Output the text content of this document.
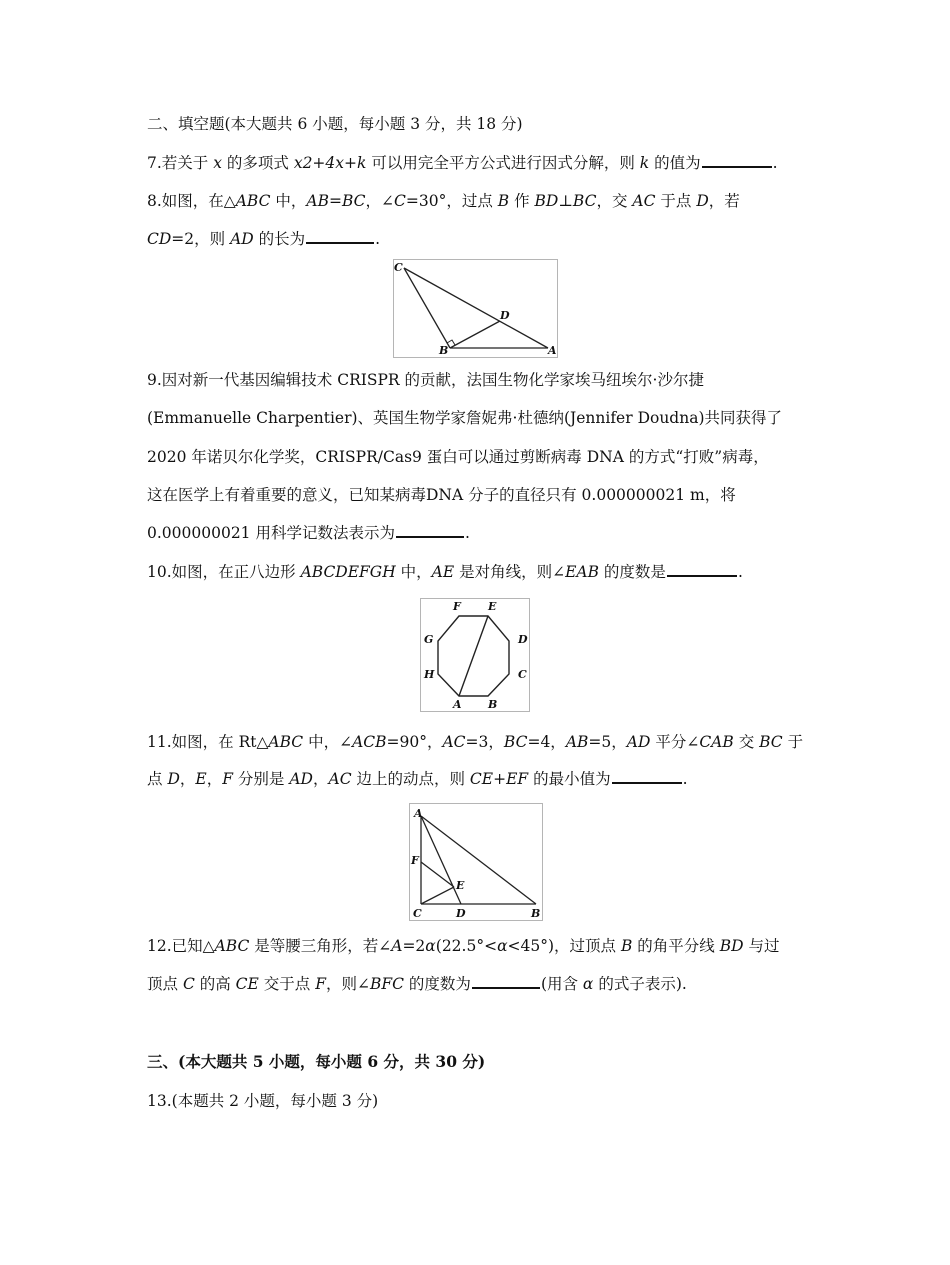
二、填空题(本大题共 6 小题，每小题 3 分，共 18 分)

7.若关于 x 的多项式 x2+4x+k 可以用完全平方公式进行因式分解，则 k 的值为	.

8.如图，在△ABC 中，AB=BC，∠C=30°，过点 B 作 BD⊥BC，交 AC 于点 D，若

CD=2，则 AD 的长为	.

C
D
B	A

9.因对新一代基因编辑技术 CRISPR 的贡献，法国生物化学家埃马纽埃尔·沙尔捷

(Emmanuelle Charpentier)、英国生物学家詹妮弗·杜德纳(Jennifer Doudna)共同获得了

2020 年诺贝尔化学奖，CRISPR/Cas9 蛋白可以通过剪断病毒 DNA 的方式“打败”病毒，

这在医学上有着重要的意义，已知某病毒DNA 分子的直径只有 0.000000021 m，将

0.000000021 用科学记数法表示为	.

10.如图，在正八边形 ABCDEFGH 中，AE 是对角线，则∠EAB 的度数是	.

F E
G	D
H	C
A B

11.如图，在 Rt△ABC 中，∠ACB=90°，AC=3，BC=4，AB=5，AD 平分∠CAB 交 BC 于

点 D，E，F 分别是 AD，AC 边上的动点，则 CE+EF 的最小值为	.

A
F
E
C	D	B

12.已知△ABC 是等腰三角形，若∠A=2α(22.5°<α<45°)，过顶点 B 的角平分线 BD 与过

顶点 C 的高 CE 交于点 F，则∠BFC 的度数为	(用含 α 的式子表示).

三、(本大题共 5 小题，每小题 6 分，共 30 分)

13.(本题共 2 小题，每小题 3 分)
